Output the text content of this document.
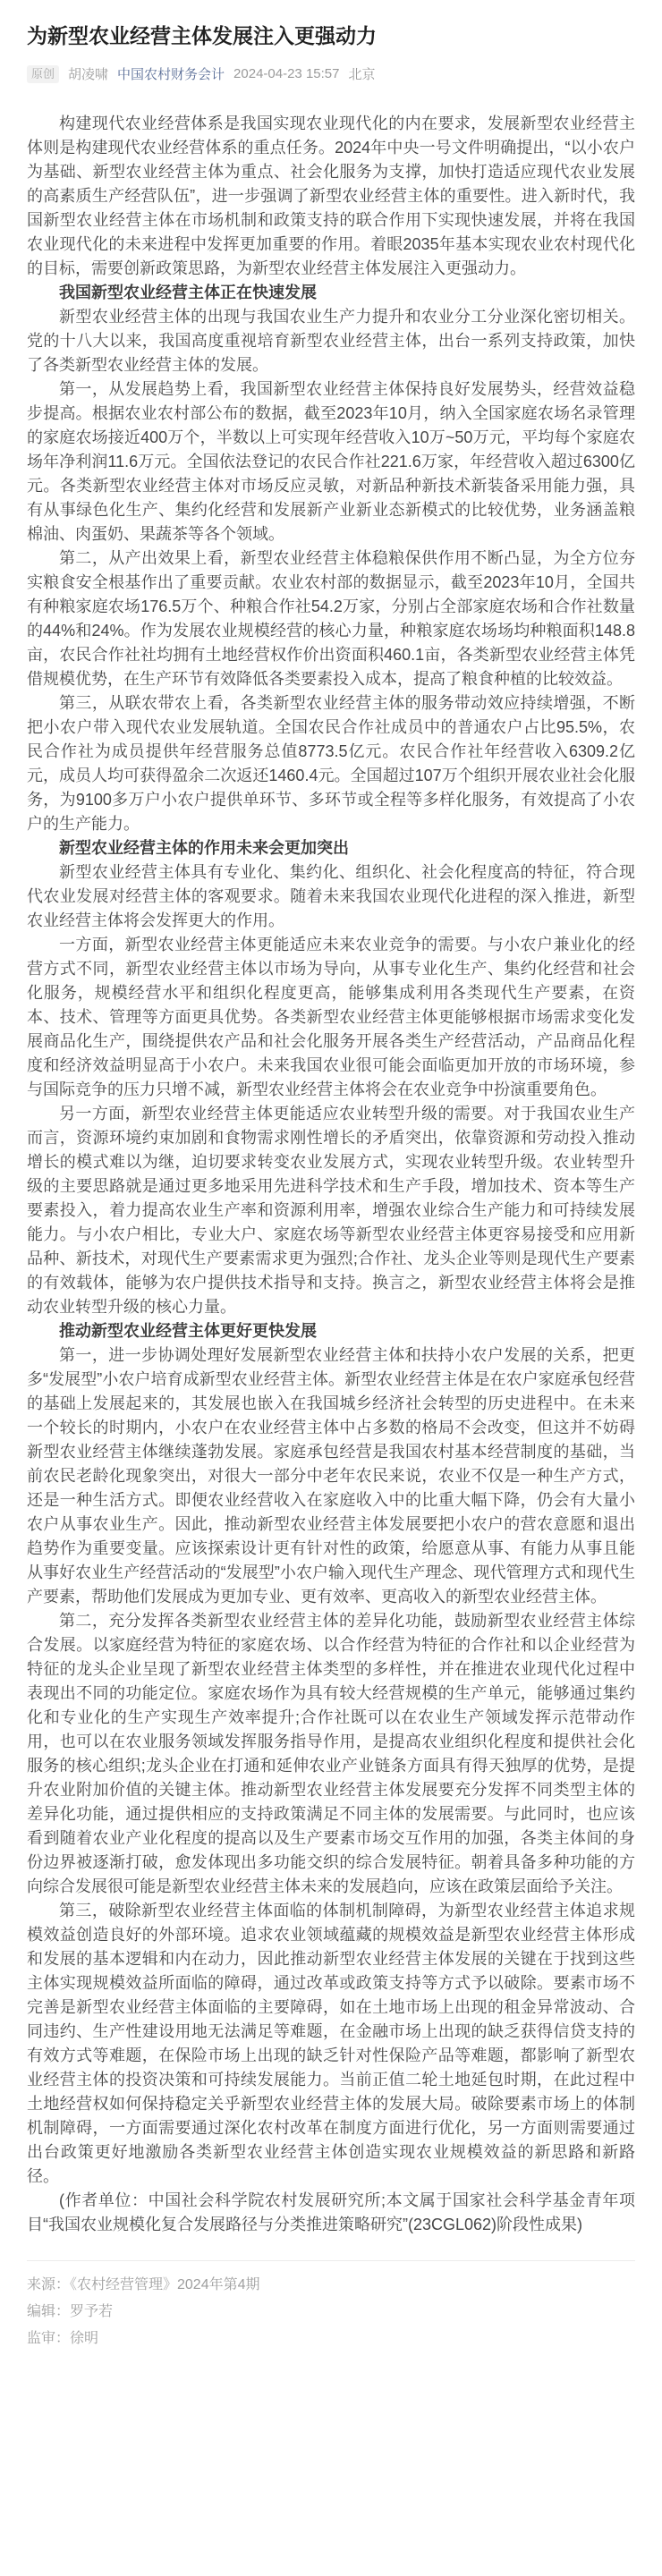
为新型农业经营主体发展注入更强动力
原创	胡凌啸 中国农村财务会计 2024-04-23 15:57 北京

构建现代农业经营体系是我国实现农业现代化的内在要求，发展新型农业经营主体则是构建现代农业经营体系的重点任务。2024年中央一号文件明确提出，“以小农户为基础、新型农业经营主体为重点、社会化服务为支撑，加快打造适应现代农业发展的高素质生产经营队伍”，进一步强调了新型农业经营主体的重要性。进入新时代，我国新型农业经营主体在市场机制和政策支持的联合作用下实现快速发展，并将在我国农业现代化的未来进程中发挥更加重要的作用。着眼2035年基本实现农业农村现代化的目标，需要创新政策思路，为新型农业经营主体发展注入更强动力。

我国新型农业经营主体正在快速发展

新型农业经营主体的出现与我国农业生产力提升和农业分工分业深化密切相关。党的十八大以来，我国高度重视培育新型农业经营主体，出台一系列支持政策，加快了各类新型农业经营主体的发展。

第一，从发展趋势上看，我国新型农业经营主体保持良好发展势头，经营效益稳步提高。根据农业农村部公布的数据，截至2023年10月，纳入全国家庭农场名录管理的家庭农场接近400万个，半数以上可实现年经营收入10万~50万元，平均每个家庭农场年净利润11.6万元。全国依法登记的农民合作社221.6万家，年经营收入超过6300亿元。各类新型农业经营主体对市场反应灵敏，对新品种新技术新装备采用能力强，具有从事绿色化生产、集约化经营和发展新产业新业态新模式的比较优势，业务涵盖粮棉油、肉蛋奶、果蔬茶等各个领域。

第二，从产出效果上看，新型农业经营主体稳粮保供作用不断凸显，为全方位夯实粮食安全根基作出了重要贡献。农业农村部的数据显示，截至2023年10月，全国共有种粮家庭农场176.5万个、种粮合作社54.2万家，分别占全部家庭农场和合作社数量的44%和24%。作为发展农业规模经营的核心力量，种粮家庭农场场均种粮面积148.8亩，农民合作社社均拥有土地经营权作价出资面积460.1亩，各类新型农业经营主体凭借规模优势，在生产环节有效降低各类要素投入成本，提高了粮食种植的比较效益。

第三，从联农带农上看，各类新型农业经营主体的服务带动效应持续增强，不断把小农户带入现代农业发展轨道。全国农民合作社成员中的普通农户占比95.5%，农民合作社为成员提供年经营服务总值8773.5亿元。农民合作社年经营收入6309.2亿元，成员人均可获得盈余二次返还1460.4元。全国超过107万个组织开展农业社会化服务，为9100多万户小农户提供单环节、多环节或全程等多样化服务，有效提高了小农户的生产能力。

新型农业经营主体的作用未来会更加突出

新型农业经营主体具有专业化、集约化、组织化、社会化程度高的特征，符合现代农业发展对经营主体的客观要求。随着未来我国农业现代化进程的深入推进，新型农业经营主体将会发挥更大的作用。

一方面，新型农业经营主体更能适应未来农业竞争的需要。与小农户兼业化的经营方式不同，新型农业经营主体以市场为导向，从事专业化生产、集约化经营和社会化服务，规模经营水平和组织化程度更高，能够集成利用各类现代生产要素，在资本、技术、管理等方面更具优势。各类新型农业经营主体更能够根据市场需求变化发展商品化生产，围绕提供农产品和社会化服务开展各类生产经营活动，产品商品化程度和经济效益明显高于小农户。未来我国农业很可能会面临更加开放的市场环境，参与国际竞争的压力只增不减，新型农业经营主体将会在农业竞争中扮演重要角色。

另一方面，新型农业经营主体更能适应农业转型升级的需要。对于我国农业生产而言，资源环境约束加剧和食物需求刚性增长的矛盾突出，依靠资源和劳动投入推动增长的模式难以为继，迫切要求转变农业发展方式，实现农业转型升级。农业转型升级的主要思路就是通过更多地采用先进科学技术和生产手段，增加技术、资本等生产要素投入，着力提高农业生产率和资源利用率，增强农业综合生产能力和可持续发展能力。与小农户相比，专业大户、家庭农场等新型农业经营主体更容易接受和应用新品种、新技术，对现代生产要素需求更为强烈;合作社、龙头企业等则是现代生产要素的有效载体，能够为农户提供技术指导和支持。换言之，新型农业经营主体将会是推动农业转型升级的核心力量。

推动新型农业经营主体更好更快发展

第一，进一步协调处理好发展新型农业经营主体和扶持小农户发展的关系，把更多“发展型”小农户培育成新型农业经营主体。新型农业经营主体是在农户家庭承包经营的基础上发展起来的，其发展也嵌入在我国城乡经济社会转型的历史进程中。在未来一个较长的时期内，小农户在农业经营主体中占多数的格局不会改变，但这并不妨碍新型农业经营主体继续蓬勃发展。家庭承包经营是我国农村基本经营制度的基础，当前农民老龄化现象突出，对很大一部分中老年农民来说，农业不仅是一种生产方式，还是一种生活方式。即便农业经营收入在家庭收入中的比重大幅下降，仍会有大量小农户从事农业生产。因此，推动新型农业经营主体发展要把小农户的营农意愿和退出趋势作为重要变量。应该探索设计更有针对性的政策，给愿意从事、有能力从事且能从事好农业生产经营活动的“发展型”小农户输入现代生产理念、现代管理方式和现代生产要素，帮助他们发展成为更加专业、更有效率、更高收入的新型农业经营主体。

第二，充分发挥各类新型农业经营主体的差异化功能，鼓励新型农业经营主体综合发展。以家庭经营为特征的家庭农场、以合作经营为特征的合作社和以企业经营为特征的龙头企业呈现了新型农业经营主体类型的多样性，并在推进农业现代化过程中表现出不同的功能定位。家庭农场作为具有较大经营规模的生产单元，能够通过集约化和专业化的生产实现生产效率提升;合作社既可以在农业生产领域发挥示范带动作用，也可以在农业服务领域发挥服务指导作用，是提高农业组织化程度和提供社会化服务的核心组织;龙头企业在打通和延伸农业产业链条方面具有得天独厚的优势，是提升农业附加价值的关键主体。推动新型农业经营主体发展要充分发挥不同类型主体的差异化功能，通过提供相应的支持政策满足不同主体的发展需要。与此同时，也应该看到随着农业产业化程度的提高以及生产要素市场交互作用的加强，各类主体间的身份边界被逐渐打破，愈发体现出多功能交织的综合发展特征。朝着具备多种功能的方向综合发展很可能是新型农业经营主体未来的发展趋向，应该在政策层面给予关注。

第三，破除新型农业经营主体面临的体制机制障碍，为新型农业经营主体追求规模效益创造良好的外部环境。追求农业领域蕴藏的规模效益是新型农业经营主体形成和发展的基本逻辑和内在动力，因此推动新型农业经营主体发展的关键在于找到这些主体实现规模效益所面临的障碍，通过改革或政策支持等方式予以破除。要素市场不完善是新型农业经营主体面临的主要障碍，如在土地市场上出现的租金异常波动、合同违约、生产性建设用地无法满足等难题，在金融市场上出现的缺乏获得信贷支持的有效方式等难题，在保险市场上出现的缺乏针对性保险产品等难题，都影响了新型农业经营主体的投资决策和可持续发展能力。当前正值二轮土地延包时期，在此过程中土地经营权如何保持稳定关乎新型农业经营主体的发展大局。破除要素市场上的体制机制障碍，一方面需要通过深化农村改革在制度方面进行优化，另一方面则需要通过出台政策更好地激励各类新型农业经营主体创造实现农业规模效益的新思路和新路径。

(作者单位：中国社会科学院农村发展研究所;本文属于国家社会科学基金青年项目“我国农业规模化复合发展路径与分类推进策略研究”(23CGL062)阶段性成果)

来源：《农村经营管理》2024年第4期

编辑：罗予若

监审：徐明
